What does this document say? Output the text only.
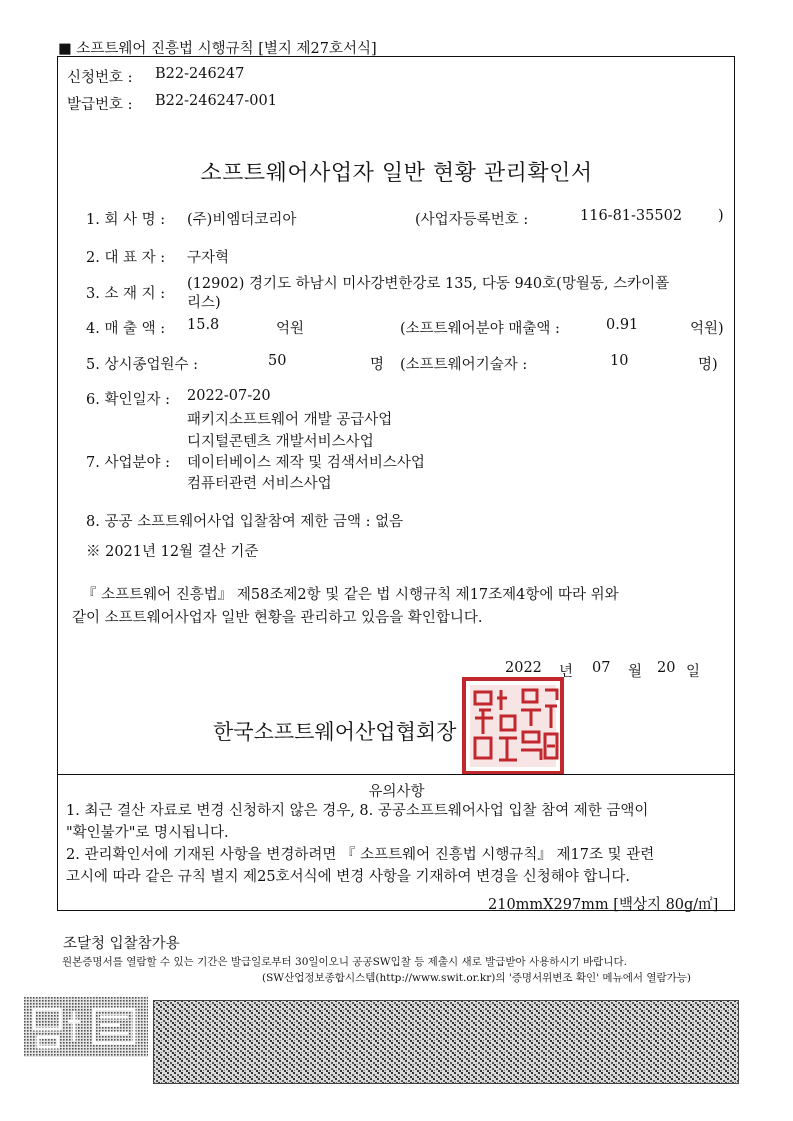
■ 소프트웨어 진흥법 시행규칙 [별지 제27호서식]
신청번호 : B22-246247
발급번호 : B22-246247-001
소프트웨어사업자 일반 현황 관리확인서
1. 회 사 명 : (주)비엠더코리아	(사업자등록번호 :	116-81-35502 )
2. 대 표 자 : 구자혁
3. 소 재 지 :
(12902) 경기도 하남시 미사강변한강로 135, 다동 940호(망월동, 스카이폴
리스)
4. 매 출 액 : 15.8	억원	(소프트웨어분야 매출액 :	0.91	억원)
5. 상시종업원수 :	50	명 (소프트웨어기술자 :	10	명)
6. 확인일자 : 2022-07-20
패키지소프트웨어 개발 공급사업
디지털콘텐츠 개발서비스사업
7. 사업분야 : 데이터베이스 제작 및 검색서비스사업
컴퓨터관련 서비스사업
8. 공공 소프트웨어사업 입찰참여 제한 금액 : 없음
※ 2021년 12월 결산 기준
『 소프트웨어 진흥법』 제58조제2항 및 같은 법 시행규칙 제17조제4항에 따라 위와
같이 소프트웨어사업자 일반 현황을 관리하고 있음을 확인합니다.
2022 년 07 월 20 일
한국소프트웨어산업협회장
유의사항
1. 최근 결산 자료로 변경 신청하지 않은 경우, 8. 공공소프트웨어사업 입찰 참여 제한 금액이
"확인불가"로 명시됩니다.
2. 관리확인서에 기재된 사항을 변경하려면 『 소프트웨어 진흥법 시행규칙』 제17조 및 관련
고시에 따라 같은 규칙 별지 제25호서식에 변경 사항을 기재하여 변경을 신청해야 합니다.
210mmX297mm [백상지 80g/㎡]
조달청 입찰참가용
원본증명서를 열람할 수 있는 기간은 발급일로부터 30일이오니 공공SW입찰 등 제출시 새로 발급받아 사용하시기 바랍니다.
(SW산업정보종합시스템(http://www.swit.or.kr)의 '증명서위변조 확인' 메뉴에서 열람가능)
